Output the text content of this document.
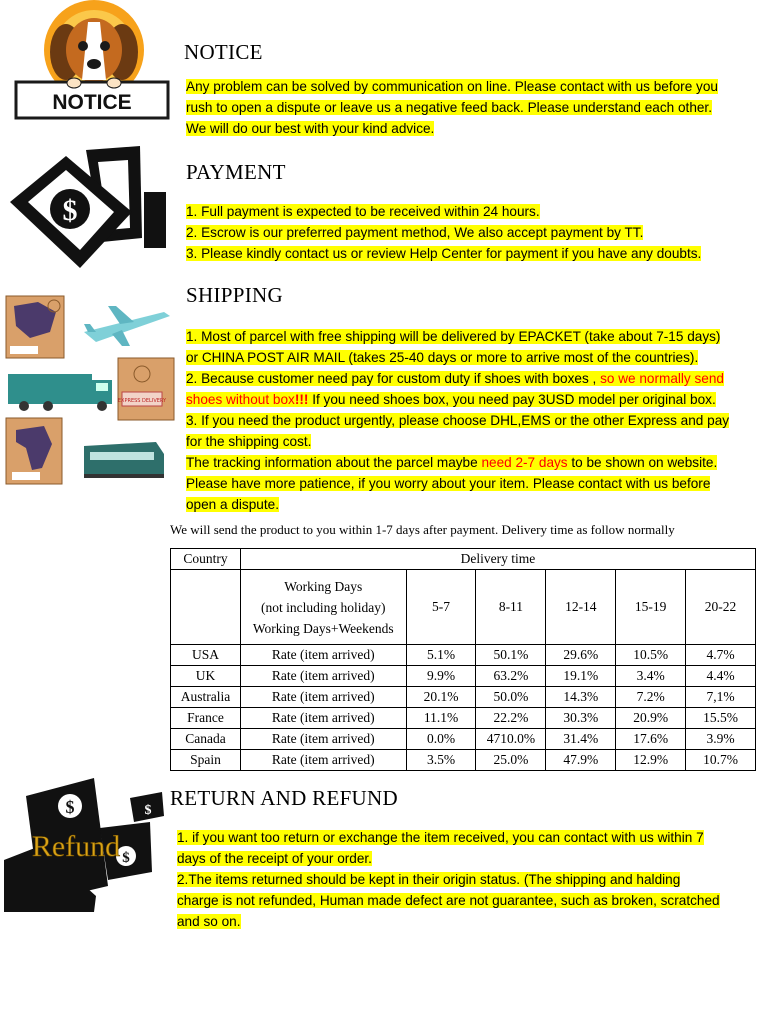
NOTICE
NOTICE
Any problem can be solved by communication on line. Please contact with us before you
rush to open a dispute or leave us a negative feed back. Please understand each other.
We will do our best with your kind advice.
$
PAYMENT
1. Full payment is expected to be received within 24 hours.
2. Escrow is our preferred payment method, We also accept payment by TT.
3. Please kindly contact us or review Help Center for payment if you have any doubts.
EXPRESS DELIVERY
SHIPPING
1. Most of parcel with free shipping will be delivered by EPACKET (take about 7-15 days)
or CHINA POST AIR MAIL (takes 25-40 days or more to arrive most of the countries).
2. Because customer need pay for custom duty if shoes with boxes , so we normally send
shoes without box!!! If you need shoes box, you need pay 3USD model per original box.
3. If you need the product urgently, please choose DHL,EMS or the other Express and pay
for the shipping cost.
The tracking information about the parcel maybe need 2-7 days to be shown on website.
Please have more patience, if you worry about your item. Please contact with us before
open a dispute.
We will send the product to you within 1-7 days after payment. Delivery time as follow normally
Country	Delivery time					

	Working Days
(not including holiday)
Working Days+Weekends	5-7	8-11	12-14	15-19	20-22
USA	Rate (item arrived)	5.1%	50.1%	29.6%	10.5%	4.7%
UK	Rate (item arrived)	9.9%	63.2%	19.1%	3.4%	4.4%
Australia	Rate (item arrived)	20.1%	50.0%	14.3%	7.2%	7,1%
France	Rate (item arrived)	11.1%	22.2%	30.3%	20.9%	15.5%
Canada	Rate (item arrived)	0.0%	4710.0%	31.4%	17.6%	3.9%
Spain	Rate (item arrived)	3.5%	25.0%	47.9%	12.9%	10.7%
$	$
$
Refund
RETURN AND REFUND
1. if you want too return or exchange the item received, you can contact with us within 7
days of the receipt of your order.
2.The items returned should be kept in their origin status. (The shipping and halding
charge is not refunded, Human made defect are not guarantee, such as broken, scratched
and so on.
